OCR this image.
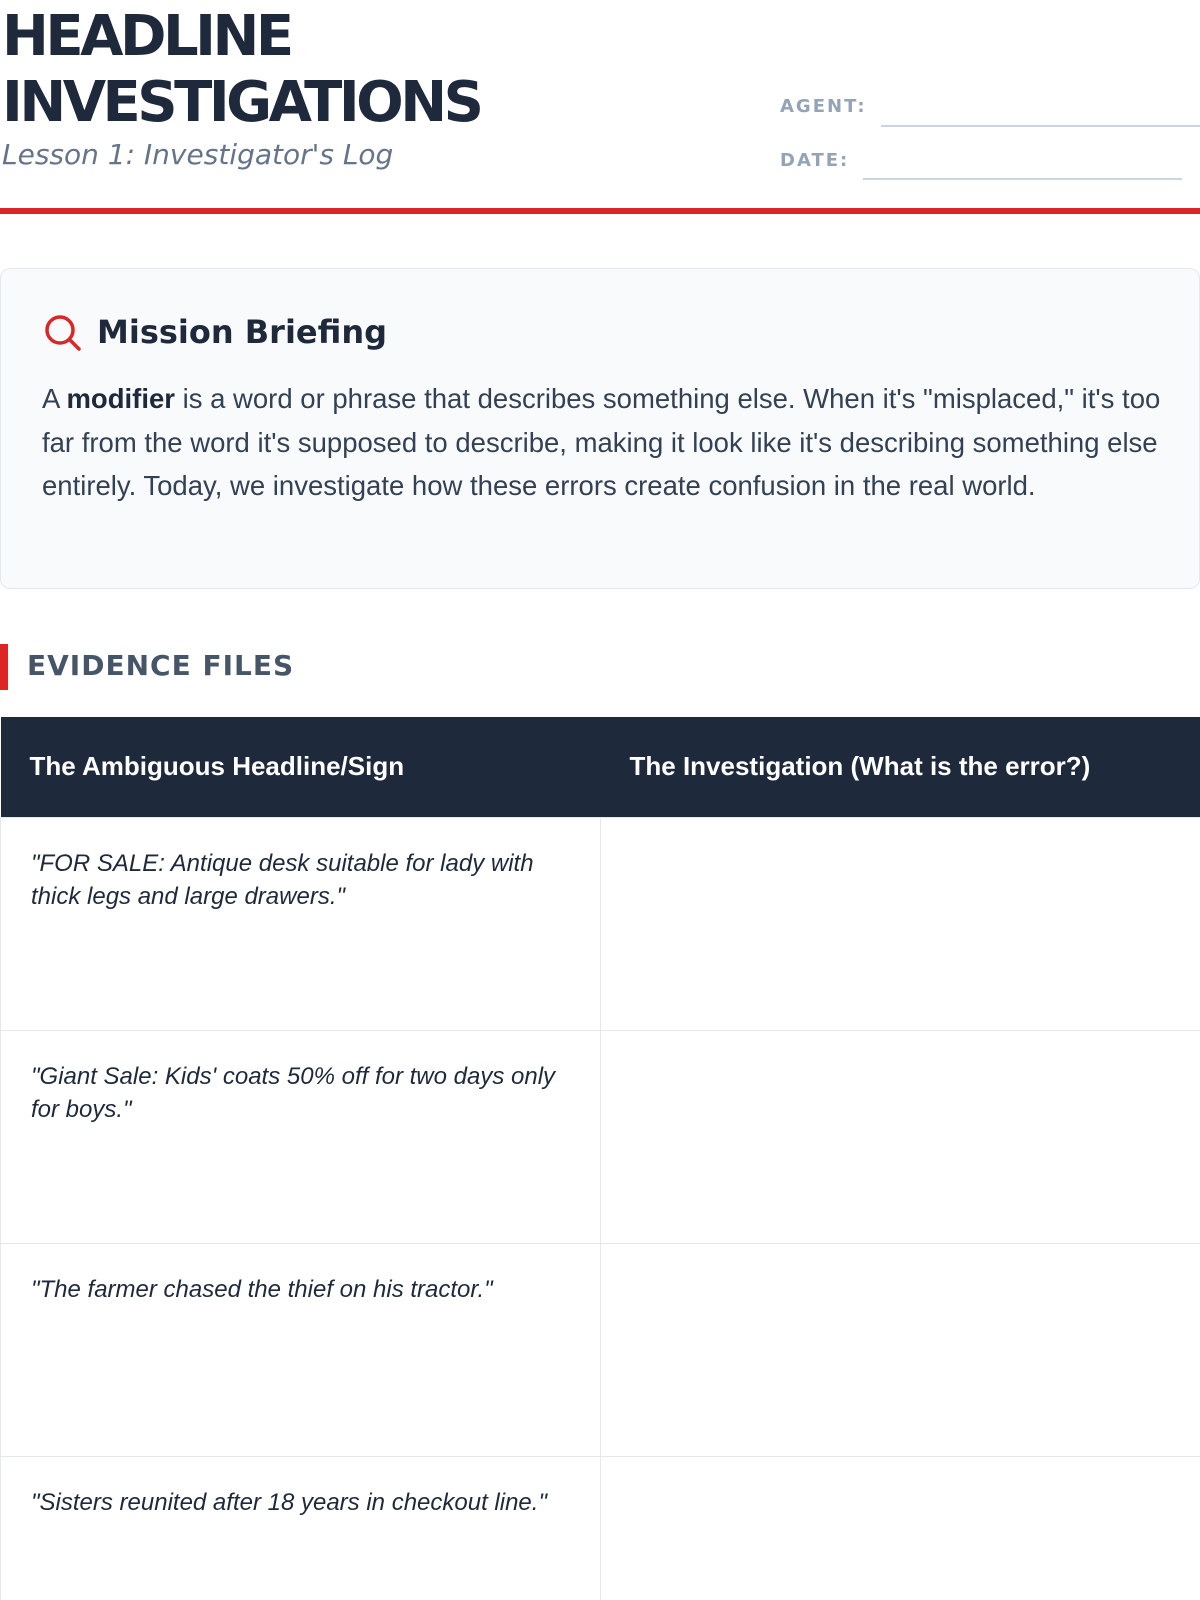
HEADLINE
INVESTIGATIONS
Lesson 1: Investigator's Log
AGENT:
DATE:
Mission Briefing

A modifier is a word or phrase that describes something else. When it's "misplaced," it's too far from the word it's supposed to describe, making it look like it's describing something else entirely. Today, we investigate how these errors create confusion in the real world.

EVIDENCE FILES
The Ambiguous Headline/Sign	The Investigation (What is the error?)
"FOR SALE: Antique desk suitable for lady with thick legs and large drawers."	
"Giant Sale: Kids' coats 50% off for two days only for boys."	
"The farmer chased the thief on his tractor."	
"Sisters reunited after 18 years in checkout line."	
